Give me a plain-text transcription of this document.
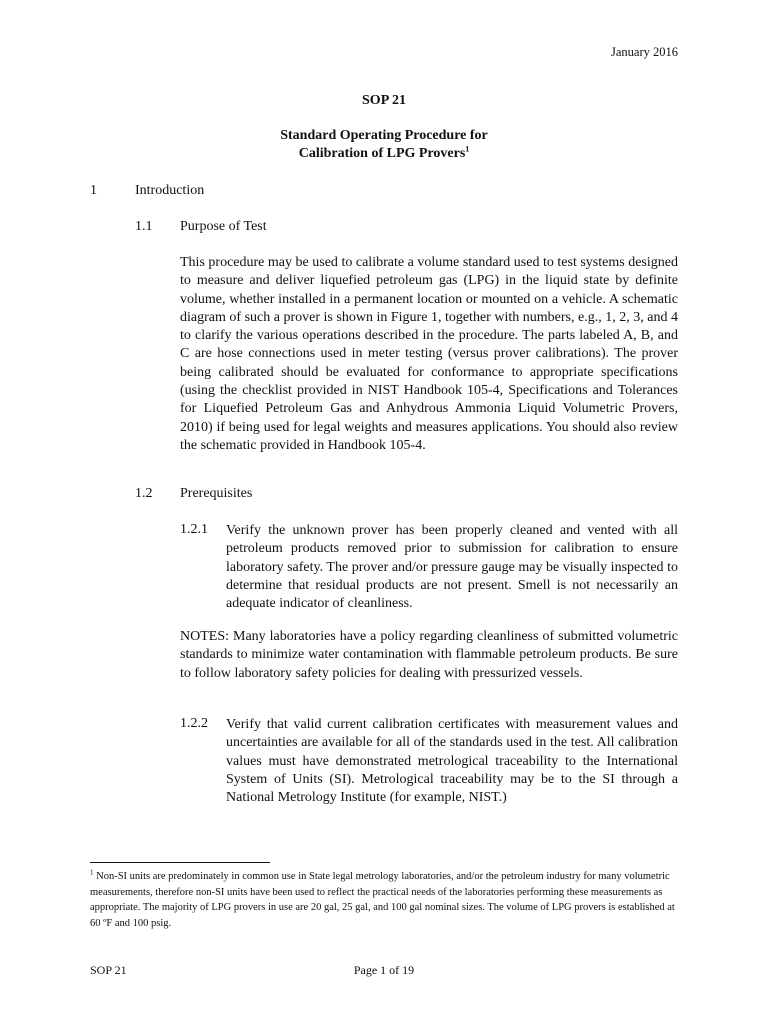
January 2016
SOP 21
Standard Operating Procedure for
Calibration of LPG Provers$^1$
1	Introduction
1.1 Purpose of Test
This procedure may be used to calibrate a volume standard used to test systems designed to measure and deliver liquefied petroleum gas (LPG) in the liquid state by definite volume, whether installed in a permanent location or mounted on a vehicle. A schematic diagram of such a prover is shown in Figure 1, together with numbers, e.g., 1, 2, 3, and 4 to clarify the various operations described in the procedure. The parts labeled A, B, and C are hose connections used in meter testing (versus prover calibrations). The prover being calibrated should be evaluated for conformance to appropriate specifications (using the checklist provided in NIST Handbook 105-4, Specifications and Tolerances for Liquefied Petroleum Gas and Anhydrous Ammonia Liquid Volumetric Provers, 2010) if being used for legal weights and measures applications. You should also review the schematic provided in Handbook 105-4.
1.2 Prerequisites
1.2.1 Verify the unknown prover has been properly cleaned and vented with all petroleum products removed prior to submission for calibration to ensure laboratory safety. The prover and/or pressure gauge may be visually inspected to determine that residual products are not present. Smell is not necessarily an adequate indicator of cleanliness.
NOTES: Many laboratories have a policy regarding cleanliness of submitted volumetric standards to minimize water contamination with flammable petroleum products. Be sure to follow laboratory safety policies for dealing with pressurized vessels.
1.2.2 Verify that valid current calibration certificates with measurement values and uncertainties are available for all of the standards used in the test. All calibration values must have demonstrated metrological traceability to the International System of Units (SI). Metrological traceability may be to the SI through a National Metrology Institute (for example, NIST.)
$^1$ Non-SI units are predominately in common use in State legal metrology laboratories, and/or the petroleum industry for many volumetric measurements, therefore non-SI units have been used to reflect the practical needs of the laboratories performing these measurements as appropriate. The majority of LPG provers in use are 20 gal, 25 gal, and 100 gal nominal sizes. The volume of LPG provers is established at 60 ºF and 100 psig.
SOP 21	Page 1 of 19
